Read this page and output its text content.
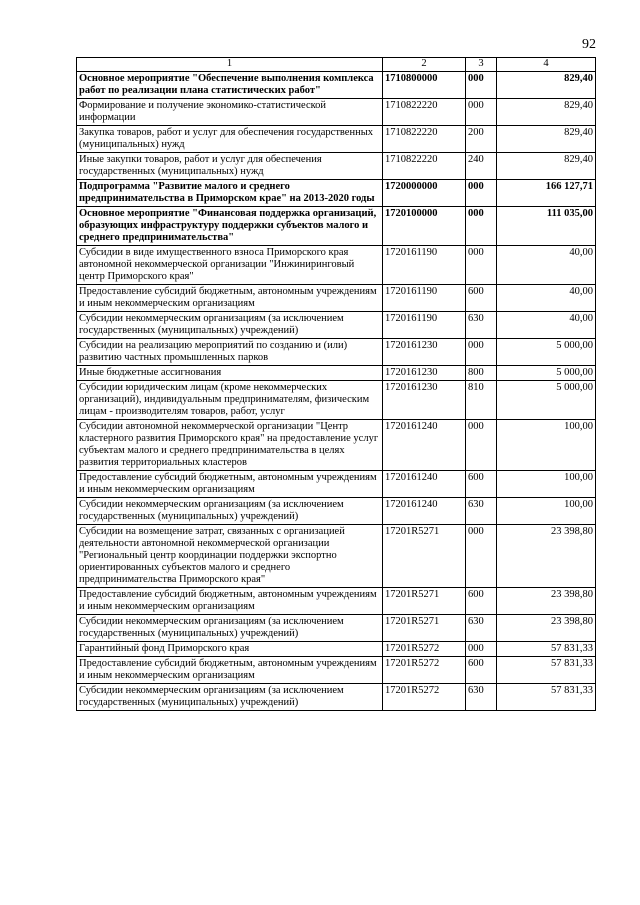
92
1	2	3	4
Основное мероприятие "Обеспечение выполнения комплекса работ по реализации плана статистических работ"	1710800000	000	829,40
Формирование и получение экономико-статистической информации	1710822220	000	829,40
Закупка товаров, работ и услуг для обеспечения государственных (муниципальных) нужд	1710822220	200	829,40
Иные закупки товаров, работ и услуг для обеспечения государственных (муниципальных) нужд	1710822220	240	829,40
Подпрограмма "Развитие малого и среднего предпринимательства в Приморском крае" на 2013-2020 годы	1720000000	000	166 127,71
Основное мероприятие "Финансовая поддержка организаций, образующих инфраструктуру поддержки субъектов малого и среднего предпринимательства"	1720100000	000	111 035,00
Субсидии в виде имущественного взноса Приморского края автономной некоммерческой организации "Инжиниринговый центр Приморского края"	1720161190	000	40,00
Предоставление субсидий бюджетным, автономным учреждениям и иным некоммерческим организациям	1720161190	600	40,00
Субсидии некоммерческим организациям (за исключением государственных (муниципальных) учреждений)	1720161190	630	40,00
Субсидии на реализацию мероприятий по созданию и (или) развитию частных промышленных парков	1720161230	000	5 000,00
Иные бюджетные ассигнования	1720161230	800	5 000,00
Субсидии юридическим лицам (кроме некоммерческих организаций), индивидуальным предпринимателям, физическим лицам - производителям товаров, работ, услуг	1720161230	810	5 000,00
Субсидии автономной некоммерческой организации "Центр кластерного развития Приморского края" на предоставление услуг субъектам малого и среднего предпринимательства в целях развития территориальных кластеров	1720161240	000	100,00
Предоставление субсидий бюджетным, автономным учреждениям и иным некоммерческим организациям	1720161240	600	100,00
Субсидии некоммерческим организациям (за исключением государственных (муниципальных) учреждений)	1720161240	630	100,00
Субсидии на возмещение затрат, связанных с организацией деятельности автономной некоммерческой организации "Региональный центр координации поддержки экспортно ориентированных субъектов малого и среднего предпринимательства Приморского края"	17201R5271	000	23 398,80
Предоставление субсидий бюджетным, автономным учреждениям и иным некоммерческим организациям	17201R5271	600	23 398,80
Субсидии некоммерческим организациям (за исключением государственных (муниципальных) учреждений)	17201R5271	630	23 398,80
Гарантийный фонд Приморского края	17201R5272	000	57 831,33
Предоставление субсидий бюджетным, автономным учреждениям и иным некоммерческим организациям	17201R5272	600	57 831,33
Субсидии некоммерческим организациям (за исключением государственных (муниципальных) учреждений)	17201R5272	630	57 831,33
